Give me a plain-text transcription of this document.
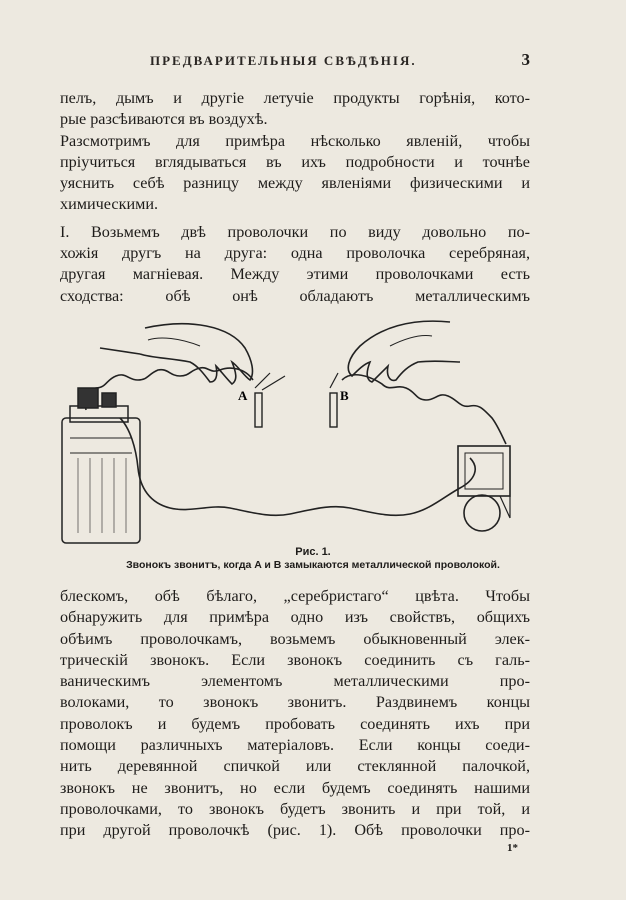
ПРЕДВАРИТЕЛЬНЫЯ СВѢДѢНІЯ.	3
пелъ, дымъ и другіе летучіе продукты горѣнія, кото-
рые разсѣиваются въ воздухѣ.
Разсмотримъ для примѣра нѣсколько явленій, чтобы
пріучиться вглядываться въ ихъ подробности и точнѣе
уяснить себѣ разницу между явленіями физическими и
химическими.
I. Возьмемъ двѣ проволочки по виду довольно по-
хожія другъ на друга: одна проволочка серебряная,
другая магніевая. Между этими проволочками есть
сходства: обѣ онѣ обладаютъ металлическимъ
A	B
Рис. 1.
Звонокъ звонитъ, когда A и B замыкаются металлической проволокой.
блескомъ, обѣ бѣлаго, „серебристаго“ цвѣта. Чтобы
обнаружить для примѣра одно изъ свойствъ, общихъ
обѣимъ проволочкамъ, возьмемъ обыкновенный элек-
трическій звонокъ. Если звонокъ соединить съ галь-
ваническимъ элементомъ металлическими про-
волоками, то звонокъ звонитъ. Раздвинемъ концы
проволокъ и будемъ пробовать соединять ихъ при
помощи различныхъ матеріаловъ. Если концы соеди-
нить деревянной спичкой или стеклянной палочкой,
звонокъ не звонитъ, но если будемъ соединять нашими
проволочками, то звонокъ будетъ звонить и при той, и
при другой проволочкѣ (рис. 1). Обѣ проволочки про-
1*
